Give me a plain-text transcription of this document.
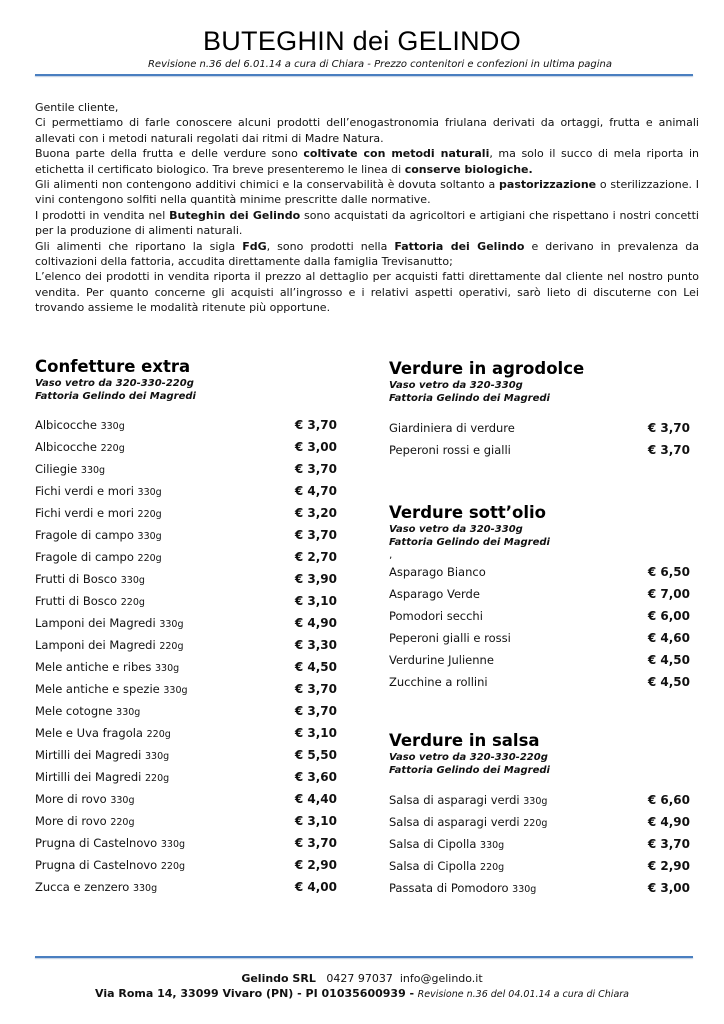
BUTEGHIN dei GELINDO
Revisione n.36 del 6.01.14 a cura di Chiara - Prezzo contenitori e confezioni in ultima pagina

Gentile cliente,

Ci permettiamo di farle conoscere alcuni prodotti dell’enogastronomia friulana derivati da ortaggi, frutta e animali allevati con i metodi naturali regolati dai ritmi di Madre Natura.

Buona parte della frutta e delle verdure sono coltivate con metodi naturali, ma solo il succo di mela riporta in etichetta il certificato biologico. Tra breve presenteremo le linea di conserve biologiche.

Gli alimenti non contengono additivi chimici e la conservabilità è dovuta soltanto a pastorizzazione o sterilizzazione. I vini contengono solfiti nella quantità minime prescritte dalle normative.

I prodotti in vendita nel Buteghin dei Gelindo sono acquistati da agricoltori e artigiani che rispettano i nostri concetti per la produzione di alimenti naturali.

Gli alimenti che riportano la sigla FdG, sono prodotti nella Fattoria dei Gelindo e derivano in prevalenza da coltivazioni della fattoria, accudita direttamente dalla famiglia Trevisanutto;

L’elenco dei prodotti in vendita riporta il prezzo al dettaglio per acquisti fatti direttamente dal cliente nel nostro punto vendita. Per quanto concerne gli acquisti all’ingrosso e i relativi aspetti operativi, sarò lieto di discuterne con Lei trovando assieme le modalità ritenute più opportune.

Confetture extra
Vaso vetro da 320-330-220g
Fattoria Gelindo dei Magredi
Albicocche 330g	€ 3,70
Albicocche 220g	€ 3,00
Ciliegie 330g	€ 3,70
Fichi verdi e mori 330g	€ 4,70
Fichi verdi e mori 220g	€ 3,20
Fragole di campo 330g	€ 3,70
Fragole di campo 220g	€ 2,70
Frutti di Bosco 330g	€ 3,90
Frutti di Bosco 220g	€ 3,10
Lamponi dei Magredi 330g	€ 4,90
Lamponi dei Magredi 220g	€ 3,30
Mele antiche e ribes 330g	€ 4,50
Mele antiche e spezie 330g	€ 3,70
Mele cotogne 330g	€ 3,70
Mele e Uva fragola 220g	€ 3,10
Mirtilli dei Magredi 330g	€ 5,50
Mirtilli dei Magredi 220g	€ 3,60
More di rovo 330g	€ 4,40
More di rovo 220g	€ 3,10
Prugna di Castelnovo 330g	€ 3,70
Prugna di Castelnovo 220g	€ 2,90
Zucca e zenzero 330g	€ 4,00
Verdure in agrodolce
Vaso vetro da 320-330g
Fattoria Gelindo dei Magredi
Giardiniera di verdure	€ 3,70
Peperoni rossi e gialli	€ 3,70
Verdure sott’olio
Vaso vetro da 320-330g
Fattoria Gelindo dei Magredi
‚
Asparago Bianco	€ 6,50
Asparago Verde	€ 7,00
Pomodori secchi	€ 6,00
Peperoni gialli e rossi	€ 4,60
Verdurine Julienne	€ 4,50
Zucchine a rollini	€ 4,50
Verdure in salsa
Vaso vetro da 320-330-220g
Fattoria Gelindo dei Magredi
Salsa di asparagi verdi 330g	€ 6,60
Salsa di asparagi verdi 220g	€ 4,90
Salsa di Cipolla 330g	€ 3,70
Salsa di Cipolla 220g	€ 2,90
Passata di Pomodoro 330g	€ 3,00
Gelindo SRL 0427 97037 info@gelindo.it
Via Roma 14, 33099 Vivaro (PN) - PI 01035600939 - Revisione n.36 del 04.01.14 a cura di Chiara
